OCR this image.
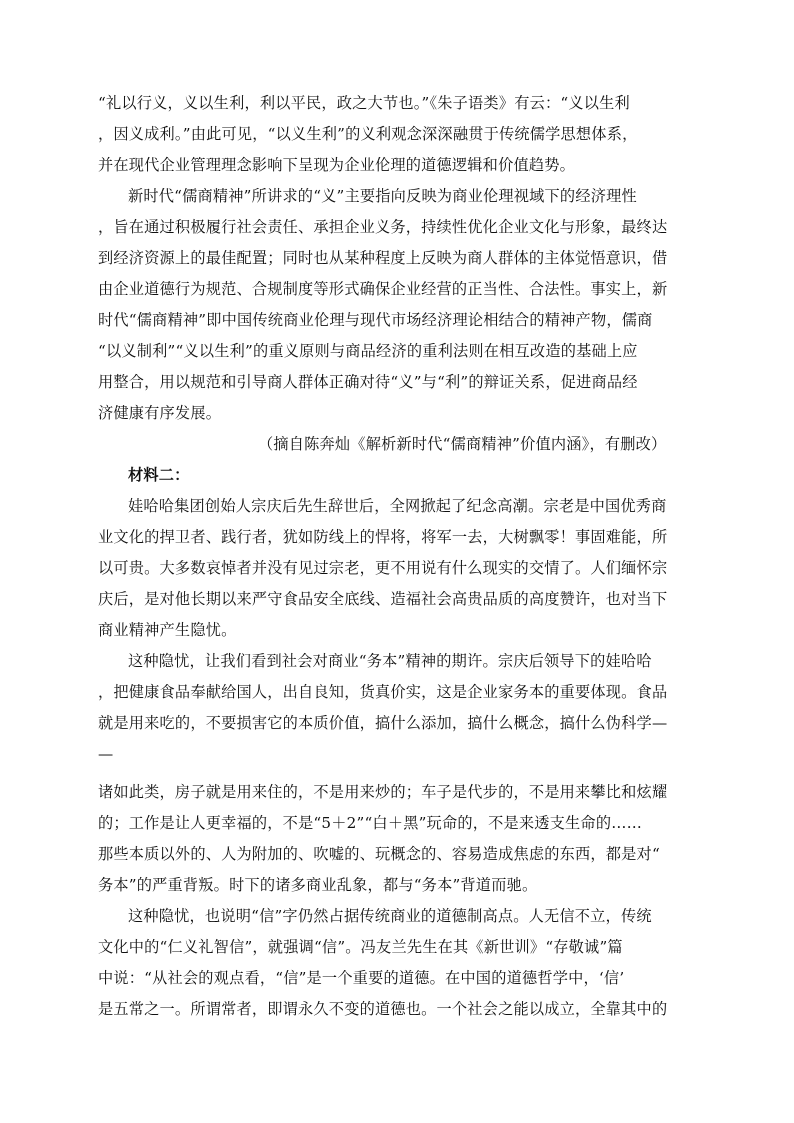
“礼以行义，义以生利，利以平民，政之大节也。”《朱子语类》有云：“义以生利
，因义成利。”由此可见，“以义生利”的义利观念深深融贯于传统儒学思想体系，
并在现代企业管理理念影响下呈现为企业伦理的道德逻辑和价值趋势。
新时代“儒商精神”所讲求的“义”主要指向反映为商业伦理视域下的经济理性
，旨在通过积极履行社会责任、承担企业义务，持续性优化企业文化与形象，最终达
到经济资源上的最佳配置；同时也从某种程度上反映为商人群体的主体觉悟意识，借
由企业道德行为规范、合规制度等形式确保企业经营的正当性、合法性。事实上，新
时代“儒商精神”即中国传统商业伦理与现代市场经济理论相结合的精神产物，儒商
“以义制利”“义以生利”的重义原则与商品经济的重利法则在相互改造的基础上应
用整合，用以规范和引导商人群体正确对待“义”与“利”的辩证关系，促进商品经
济健康有序发展。
（摘自陈奔灿《解析新时代“儒商精神”价值内涵》，有删改）
材料二：
娃哈哈集团创始人宗庆后先生辞世后，全网掀起了纪念高潮。宗老是中国优秀商
业文化的捍卫者、践行者，犹如防线上的悍将，将军一去，大树飘零！事固难能，所
以可贵。大多数哀悼者并没有见过宗老，更不用说有什么现实的交情了。人们缅怀宗
庆后，是对他长期以来严守食品安全底线、造福社会高贵品质的高度赞许，也对当下
商业精神产生隐忧。
这种隐忧，让我们看到社会对商业“务本”精神的期许。宗庆后领导下的娃哈哈
，把健康食品奉献给国人，出自良知，货真价实，这是企业家务本的重要体现。食品
就是用来吃的，不要损害它的本质价值，搞什么添加，搞什么概念，搞什么伪科学—
—
诸如此类，房子就是用来住的，不是用来炒的；车子是代步的，不是用来攀比和炫耀
的；工作是让人更幸福的，不是“5＋2”“白＋黑”玩命的，不是来透支生命的……
那些本质以外的、人为附加的、吹嘘的、玩概念的、容易造成焦虑的东西，都是对“
务本”的严重背叛。时下的诸多商业乱象，都与“务本”背道而驰。
这种隐忧，也说明“信”字仍然占据传统商业的道德制高点。人无信不立，传统
文化中的“仁义礼智信”，就强调“信”。冯友兰先生在其《新世训》“存敬诚”篇
中说：“从社会的观点看，“信”是一个重要的道德。在中国的道德哲学中，‘信’
是五常之一。所谓常者，即谓永久不变的道德也。一个社会之能以成立，全靠其中的
